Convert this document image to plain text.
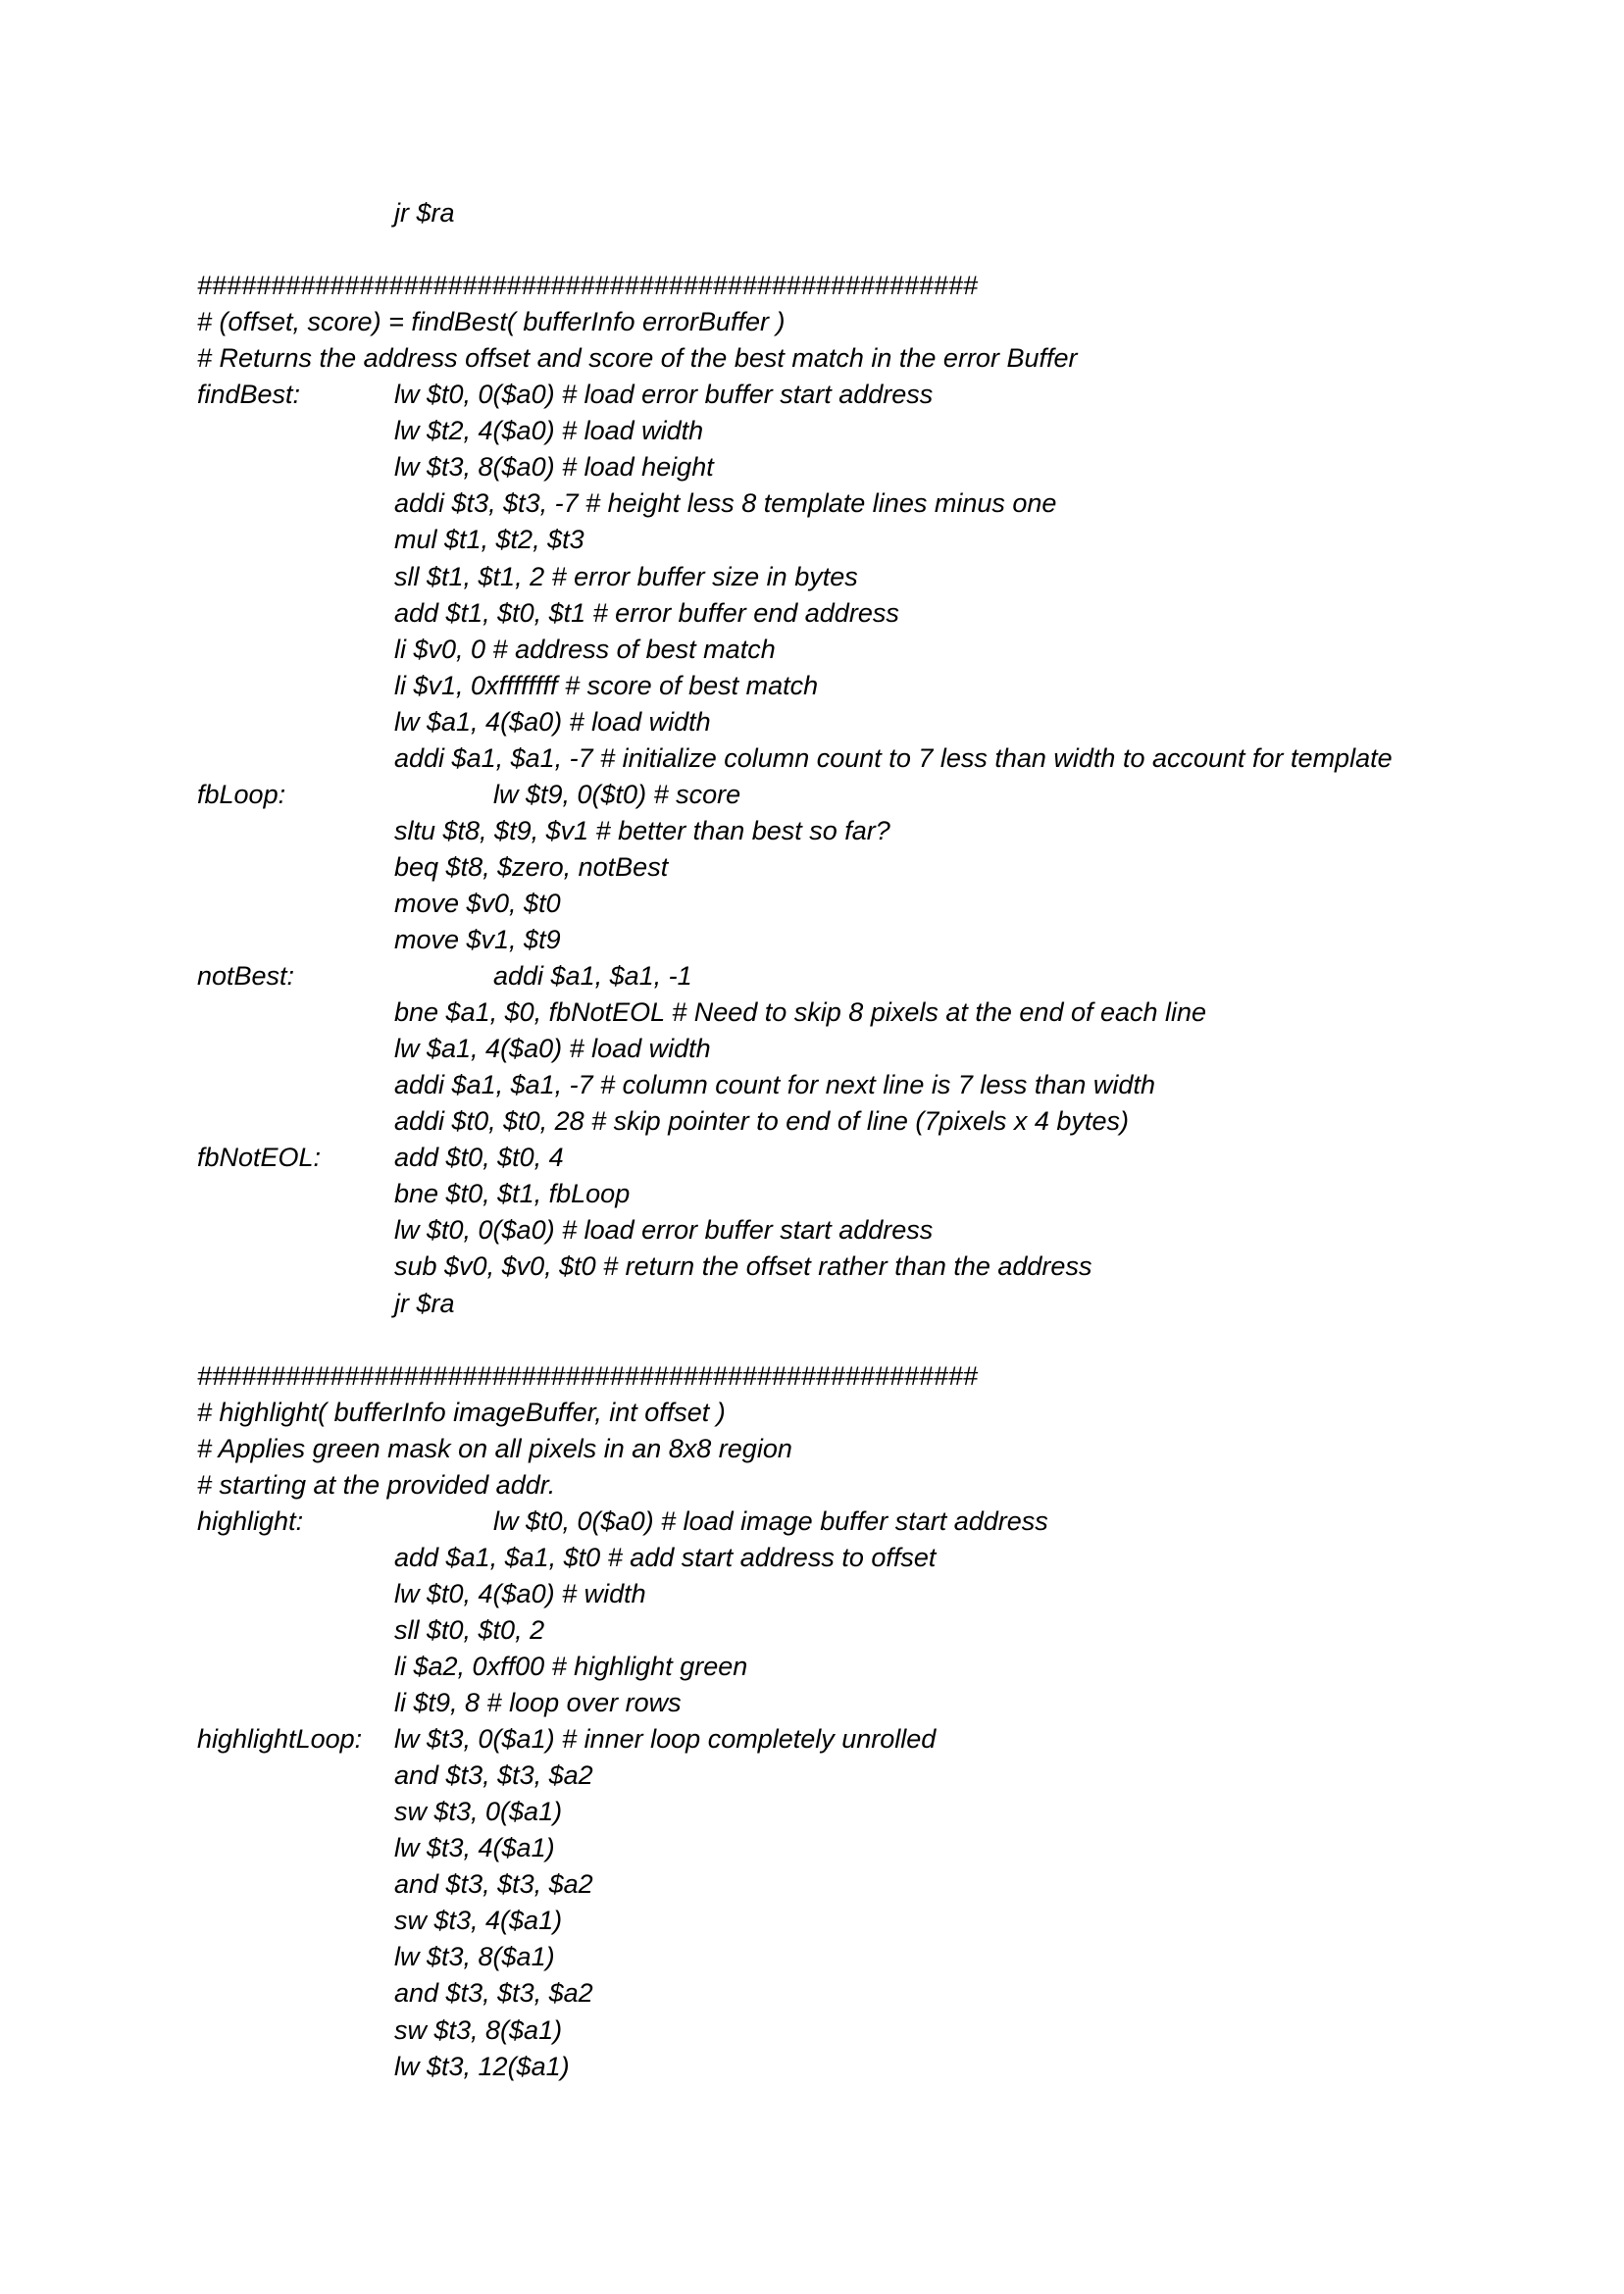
jr $ra
#####################################################
# (offset, score) = findBest( bufferInfo errorBuffer )
# Returns the address offset and score of the best match in the error Buffer
findBest:	lw $t0, 0($a0) # load error buffer start address
lw $t2, 4($a0) # load width
lw $t3, 8($a0) # load height
addi $t3, $t3, -7 # height less 8 template lines minus one
mul $t1, $t2, $t3
sll $t1, $t1, 2 # error buffer size in bytes
add $t1, $t0, $t1 # error buffer end address
li $v0, 0 # address of best match
li $v1, 0xffffffff # score of best match
lw $a1, 4($a0) # load width
addi $a1, $a1, -7 # initialize column count to 7 less than width to account for template
fbLoop:	lw $t9, 0($t0) # score
sltu $t8, $t9, $v1 # better than best so far?
beq $t8, $zero, notBest
move $v0, $t0
move $v1, $t9
notBest:	addi $a1, $a1, -1
bne $a1, $0, fbNotEOL # Need to skip 8 pixels at the end of each line
lw $a1, 4($a0) # load width
addi $a1, $a1, -7 # column count for next line is 7 less than width
addi $t0, $t0, 28 # skip pointer to end of line (7pixels x 4 bytes)
fbNotEOL:	add $t0, $t0, 4
bne $t0, $t1, fbLoop
lw $t0, 0($a0) # load error buffer start address
sub $v0, $v0, $t0 # return the offset rather than the address
jr $ra
#####################################################
# highlight( bufferInfo imageBuffer, int offset )
# Applies green mask on all pixels in an 8x8 region
# starting at the provided addr.
highlight:	lw $t0, 0($a0) # load image buffer start address
add $a1, $a1, $t0 # add start address to offset
lw $t0, 4($a0) # width
sll $t0, $t0, 2
li $a2, 0xff00 # highlight green
li $t9, 8 # loop over rows
highlightLoop: lw $t3, 0($a1) # inner loop completely unrolled
and $t3, $t3, $a2
sw $t3, 0($a1)
lw $t3, 4($a1)
and $t3, $t3, $a2
sw $t3, 4($a1)
lw $t3, 8($a1)
and $t3, $t3, $a2
sw $t3, 8($a1)
lw $t3, 12($a1)
